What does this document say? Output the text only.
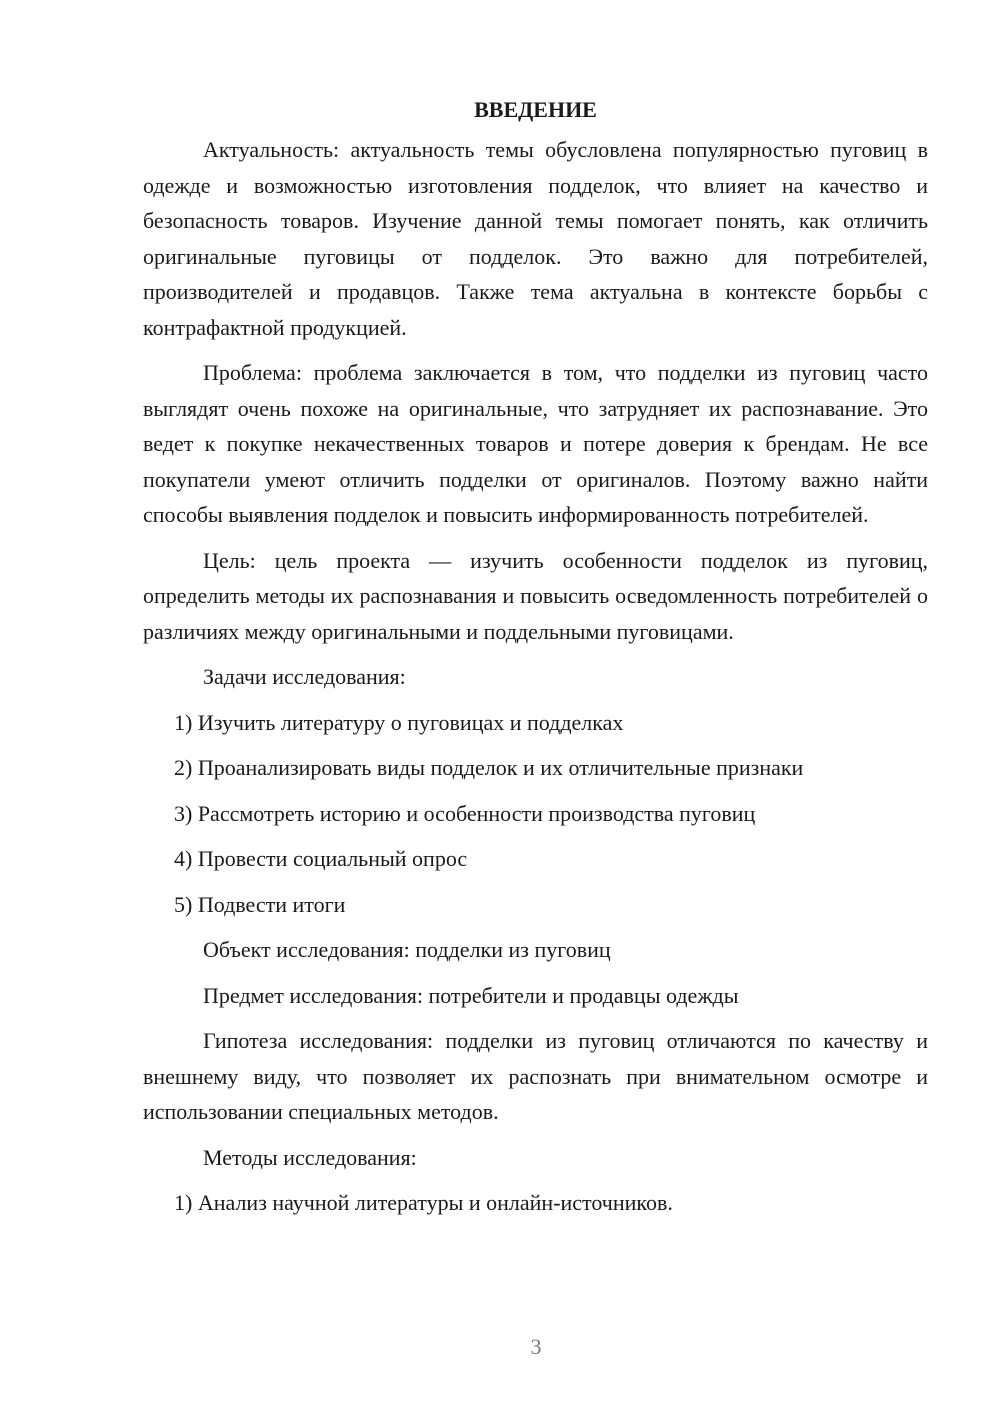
ВВЕДЕНИЕ

Актуальность: актуальность темы обусловлена популярностью пуговиц в одежде и возможностью изготовления подделок, что влияет на качество и безопасность товаров. Изучение данной темы помогает понять, как отличить оригинальные пуговицы от подделок. Это важно для потребителей, производителей и продавцов. Также тема актуальна в контексте борьбы с контрафактной продукцией.

Проблема: проблема заключается в том, что подделки из пуговиц часто выглядят очень похоже на оригинальные, что затрудняет их распознавание. Это ведет к покупке некачественных товаров и потере доверия к брендам. Не все покупатели умеют отличить подделки от оригиналов. Поэтому важно найти способы выявления подделок и повысить информированность потребителей.

Цель: цель проекта — изучить особенности подделок из пуговиц, определить методы их распознавания и повысить осведомленность потребителей о различиях между оригинальными и поддельными пуговицами.

Задачи исследования:
1) Изучить литературу о пуговицах и подделках
2) Проанализировать виды подделок и их отличительные признаки
3) Рассмотреть историю и особенности производства пуговиц
4) Провести социальный опрос
5) Подвести итоги
Объект исследования: подделки из пуговиц
Предмет исследования: потребители и продавцы одежды

Гипотеза исследования: подделки из пуговиц отличаются по качеству и внешнему виду, что позволяет их распознать при внимательном осмотре и использовании специальных методов.

Методы исследования:
1) Анализ научной литературы и онлайн-источников.
3
